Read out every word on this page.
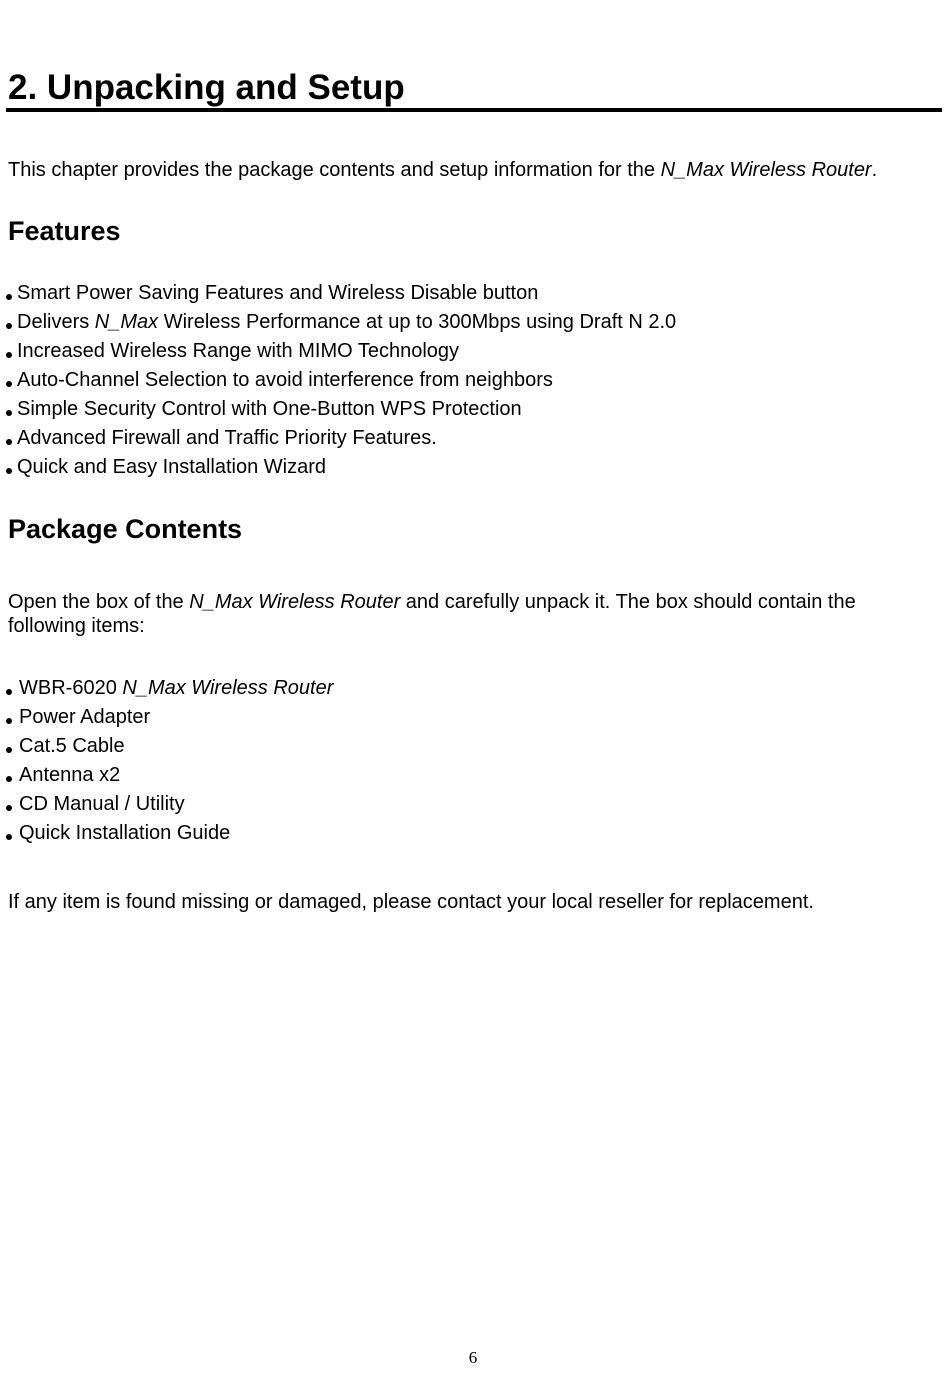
2. Unpacking and Setup

This chapter provides the package contents and setup information for the N_Max Wireless Router.

Features
Smart Power Saving Features and Wireless Disable button
Delivers N_Max Wireless Performance at up to 300Mbps using Draft N 2.0
Increased Wireless Range with MIMO Technology
Auto-Channel Selection to avoid interference from neighbors
Simple Security Control with One-Button WPS Protection
Advanced Firewall and Traffic Priority Features.
Quick and Easy Installation Wizard
Package Contents

Open the box of the N_Max Wireless Router and carefully unpack it. The box should contain the

following items:

WBR-6020 N_Max Wireless Router
Power Adapter
Cat.5 Cable
Antenna x2
CD Manual / Utility
Quick Installation Guide

If any item is found missing or damaged, please contact your local reseller for replacement.

6
